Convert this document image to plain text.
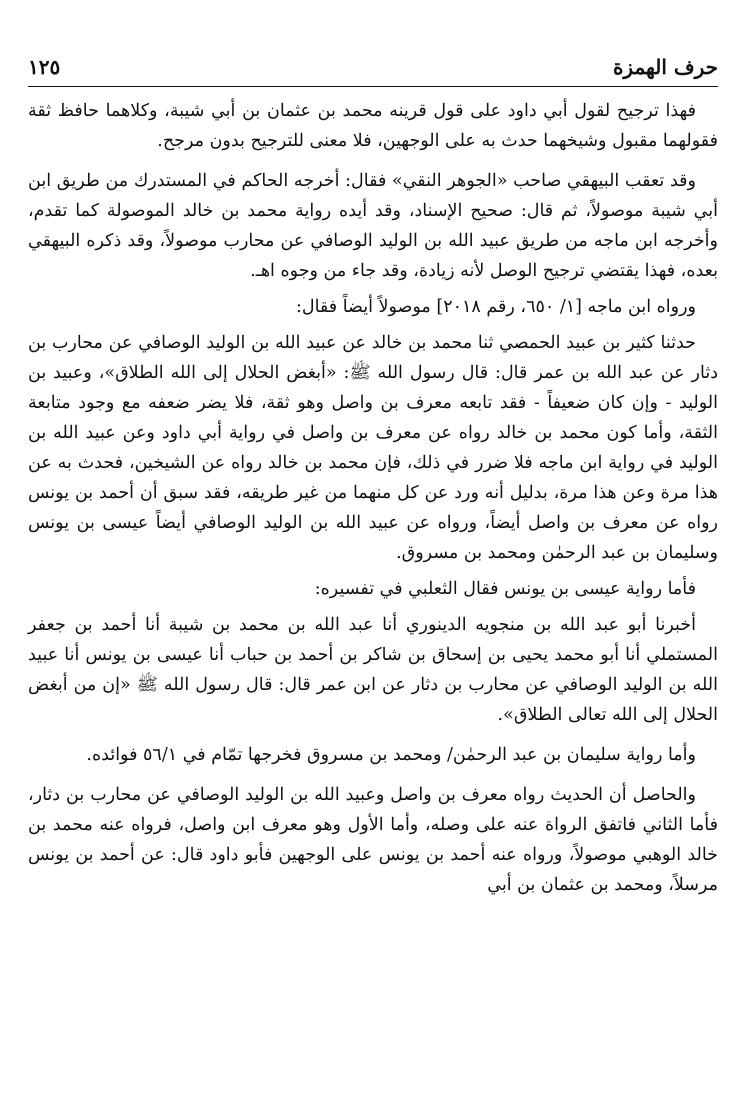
حرف الهمزة
١٢٥

فهذا ترجيح لقول أبي داود على قول قرينه محمد بن عثمان بن أبي شيبة، وكلاهما حافظ ثقة فقولهما مقبول وشيخهما حدث به على الوجهين، فلا معنى للترجيح بدون مرجح.

وقد تعقب البيهقي صاحب «الجوهر النقي» فقال: أخرجه الحاكم في المستدرك من طريق ابن أبي شيبة موصولاً، ثم قال: صحيح الإسناد، وقد أيده رواية محمد بن خالد الموصولة كما تقدم، وأخرجه ابن ماجه من طريق عبيد الله بن الوليد الوصافي عن محارب موصولاً، وقد ذكره البيهقي بعده، فهذا يقتضي ترجيح الوصل لأنه زيادة، وقد جاء من وجوه اهـ.

ورواه ابن ماجه [١/ ٦٥٠، رقم ٢٠١٨] موصولاً أيضاً فقال:

حدثنا كثير بن عبيد الحمصي ثنا محمد بن خالد عن عبيد الله بن الوليد الوصافي عن محارب بن دثار عن عبد الله بن عمر قال: قال رسول الله ﷺ: «أبغض الحلال إلى الله الطلاق»، وعبيد بن الوليد - وإن كان ضعيفاً - فقد تابعه معرف بن واصل وهو ثقة، فلا يضر ضعفه مع وجود متابعة الثقة، وأما كون محمد بن خالد رواه عن معرف بن واصل في رواية أبي داود وعن عبيد الله بن الوليد في رواية ابن ماجه فلا ضرر في ذلك، فإن محمد بن خالد رواه عن الشيخين، فحدث به عن هذا مرة وعن هذا مرة، بدليل أنه ورد عن كل منهما من غير طريقه، فقد سبق أن أحمد بن يونس رواه عن معرف بن واصل أيضاً، ورواه عن عبيد الله بن الوليد الوصافي أيضاً عيسى بن يونس وسليمان بن عبد الرحمٰن ومحمد بن مسروق.

فأما رواية عيسى بن يونس فقال الثعلبي في تفسيره:

أخبرنا أبو عبد الله بن منجويه الدينوري أنا عبد الله بن محمد بن شيبة أنا أحمد بن جعفر المستملي أنا أبو محمد يحيى بن إسحاق بن شاكر بن أحمد بن حباب أنا عيسى بن يونس أنا عبيد الله بن الوليد الوصافي عن محارب بن دثار عن ابن عمر قال: قال رسول الله ﷺ «إن من أبغض الحلال إلى الله تعالى الطلاق».

وأما رواية سليمان بن عبد الرحمٰن/ ومحمد بن مسروق فخرجها تمّام في ٥٦/١ فوائده.

والحاصل أن الحديث رواه معرف بن واصل وعبيد الله بن الوليد الوصافي عن محارب بن دثار، فأما الثاني فاتفق الرواة عنه على وصله، وأما الأول وهو معرف ابن واصل، فرواه عنه محمد بن خالد الوهبي موصولاً، ورواه عنه أحمد بن يونس على الوجهين فأبو داود قال: عن أحمد بن يونس مرسلاً، ومحمد بن عثمان بن أبي
